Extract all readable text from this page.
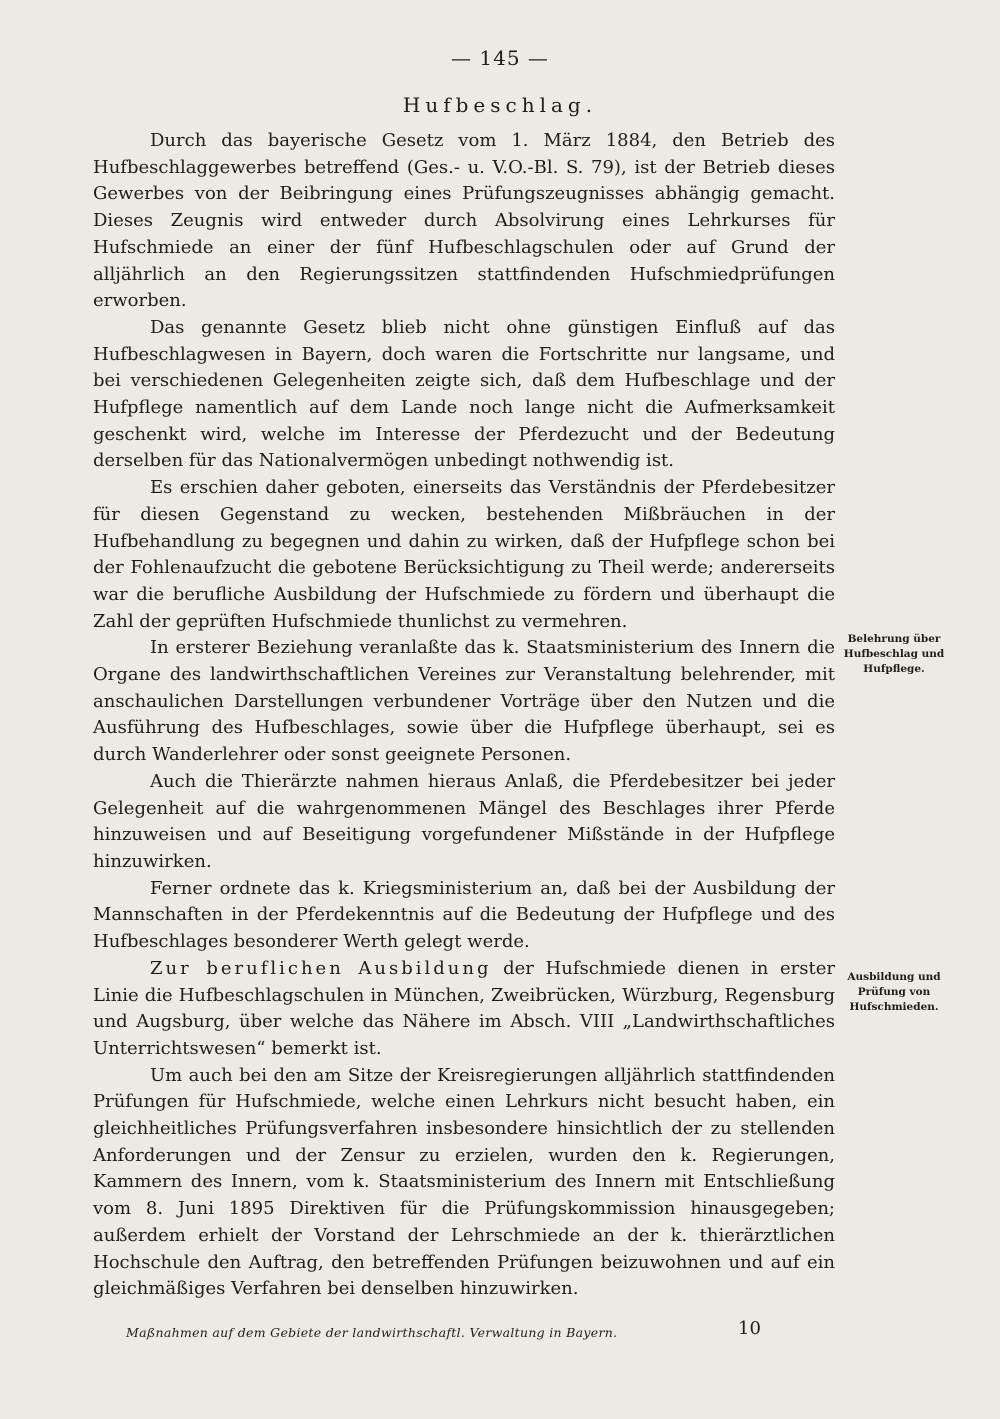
— 145 —
Hufbeschlag.

Durch das bayerische Gesetz vom 1. März 1884, den Betrieb des Hufbeschlaggewerbes betreffend (Ges.- u. V.O.-Bl. S. 79), ist der Betrieb dieses Gewerbes von der Beibringung eines Prüfungszeugnisses abhängig gemacht. Dieses Zeugnis wird entweder durch Absolvirung eines Lehrkurses für Hufschmiede an einer der fünf Hufbeschlagschulen oder auf Grund der alljährlich an den Regierungssitzen stattfindenden Hufschmiedprüfungen erworben.

Das genannte Gesetz blieb nicht ohne günstigen Einfluß auf das Hufbeschlagwesen in Bayern, doch waren die Fortschritte nur langsame, und bei verschiedenen Gelegenheiten zeigte sich, daß dem Hufbeschlage und der Hufpflege namentlich auf dem Lande noch lange nicht die Aufmerksamkeit geschenkt wird, welche im Interesse der Pferdezucht und der Bedeutung derselben für das Nationalvermögen unbedingt nothwendig ist.

Es erschien daher geboten, einerseits das Verständnis der Pferdebesitzer für diesen Gegenstand zu wecken, bestehenden Mißbräuchen in der Hufbehandlung zu begegnen und dahin zu wirken, daß der Hufpflege schon bei der Fohlenaufzucht die gebotene Berücksichtigung zu Theil werde; andererseits war die berufliche Ausbildung der Hufschmiede zu fördern und überhaupt die Zahl der geprüften Hufschmiede thunlichst zu vermehren.

In ersterer Beziehung veranlaßte das k. Staatsministerium des Innern die Organe des landwirthschaftlichen Vereines zur Veranstaltung belehrender, mit anschaulichen Darstellungen verbundener Vorträge über den Nutzen und die Ausführung des Hufbeschlages, sowie über die Hufpflege überhaupt, sei es durch Wanderlehrer oder sonst geeignete Personen.

Auch die Thierärzte nahmen hieraus Anlaß, die Pferdebesitzer bei jeder Gelegenheit auf die wahrgenommenen Mängel des Beschlages ihrer Pferde hinzuweisen und auf Beseitigung vorgefundener Mißstände in der Hufpflege hinzuwirken.

Ferner ordnete das k. Kriegsministerium an, daß bei der Ausbildung der Mannschaften in der Pferdekenntnis auf die Bedeutung der Hufpflege und des Hufbeschlages besonderer Werth gelegt werde.

Zur beruflichen Ausbildung der Hufschmiede dienen in erster Linie die Hufbeschlagschulen in München, Zweibrücken, Würzburg, Regensburg und Augsburg, über welche das Nähere im Absch. VIII „Landwirthschaftliches Unterrichtswesen“ bemerkt ist.

Um auch bei den am Sitze der Kreisregierungen alljährlich stattfindenden Prüfungen für Hufschmiede, welche einen Lehrkurs nicht besucht haben, ein gleichheitliches Prüfungsverfahren insbesondere hinsichtlich der zu stellenden Anforderungen und der Zensur zu erzielen, wurden den k. Regierungen, Kammern des Innern, vom k. Staatsministerium des Innern mit Entschließung vom 8. Juni 1895 Direktiven für die Prüfungskommission hinausgegeben; außerdem erhielt der Vorstand der Lehrschmiede an der k. thierärztlichen Hochschule den Auftrag, den betreffenden Prüfungen beizuwohnen und auf ein gleichmäßiges Verfahren bei denselben hinzuwirken.

Belehrung über Hufbeschlag und Hufpflege.
Ausbildung und Prüfung von Hufschmieden.
Maßnahmen auf dem Gebiete der landwirthschaftl. Verwaltung in Bayern.	10
